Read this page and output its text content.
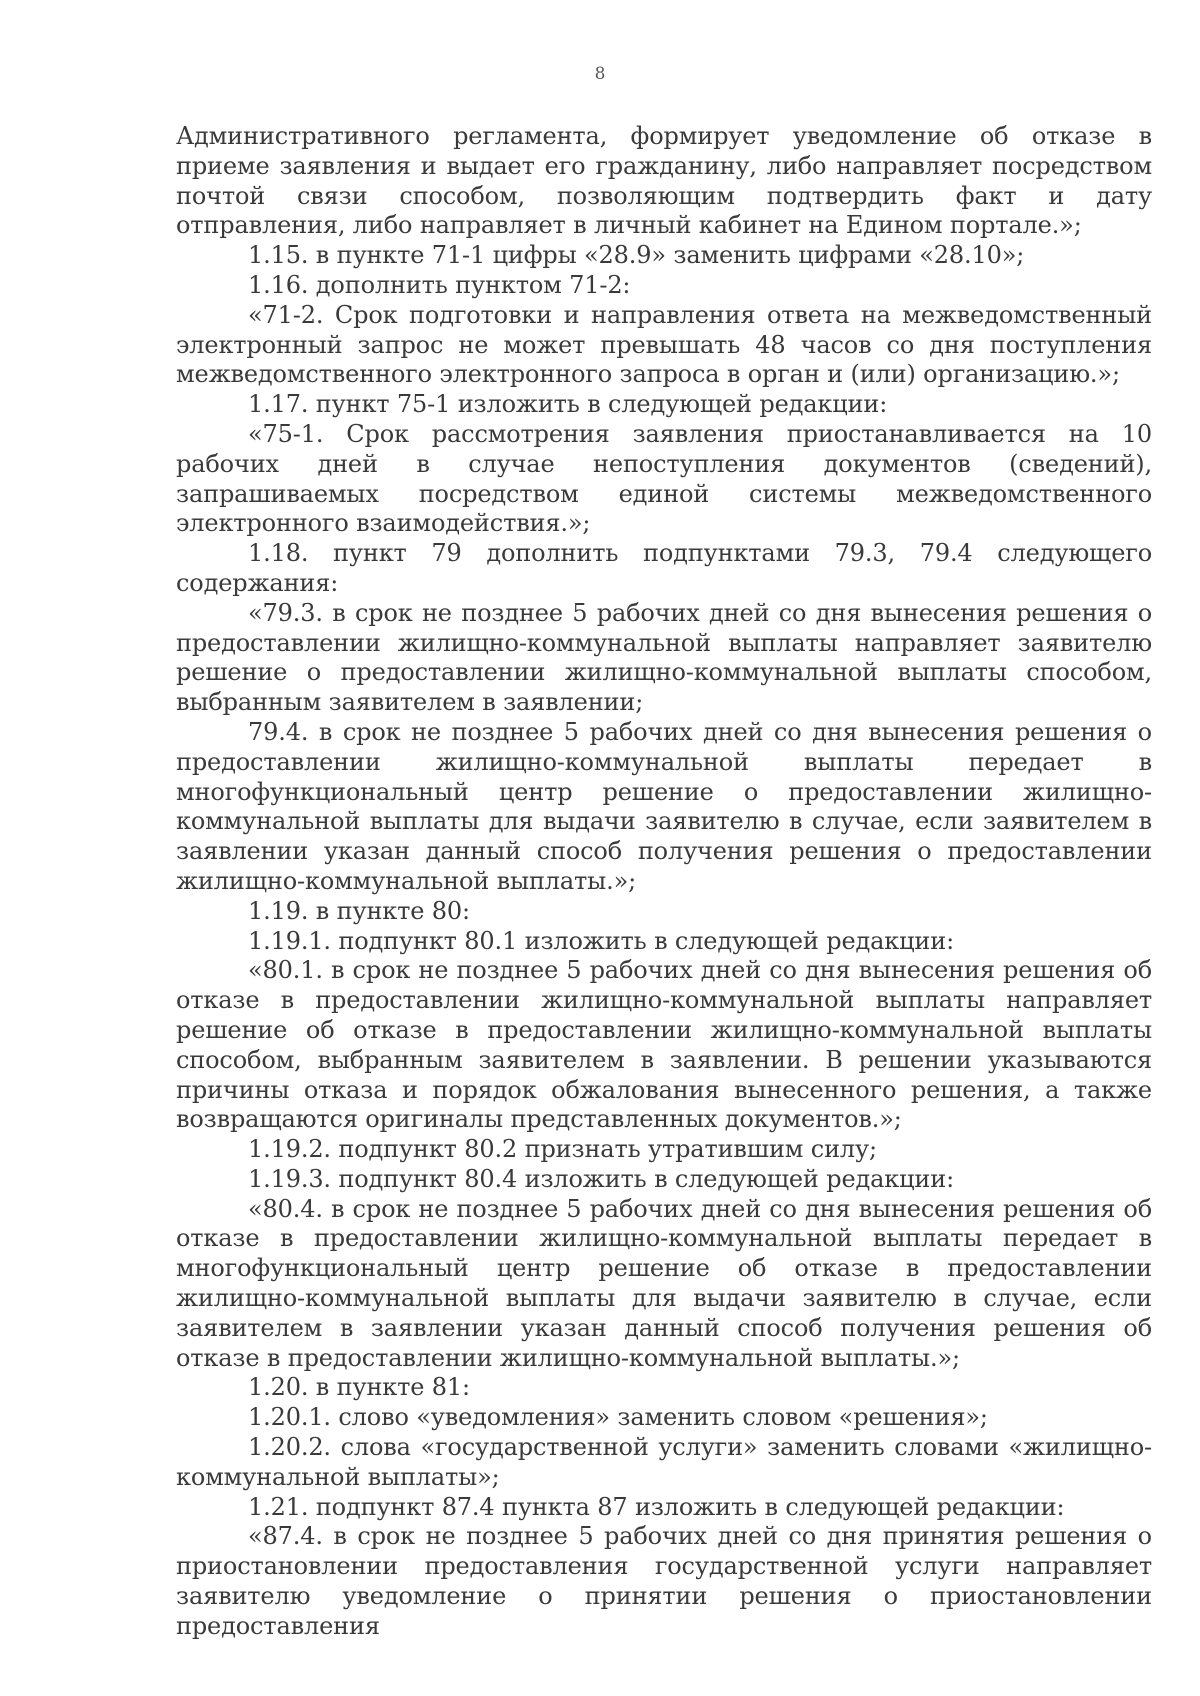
8

Административного регламента, формирует уведомление об отказе в приеме заявления и выдает его гражданину, либо направляет посредством почтой связи способом, позволяющим подтвердить факт и дату отправления, либо направляет в личный кабинет на Едином портале.»;

1.15. в пункте 71-1 цифры «28.9» заменить цифрами «28.10»;

1.16. дополнить пунктом 71-2:

«71-2. Срок подготовки и направления ответа на межведомственный электронный запрос не может превышать 48 часов со дня поступления межведомственного электронного запроса в орган и (или) организацию.»;

1.17. пункт 75-1 изложить в следующей редакции:

«75-1. Срок рассмотрения заявления приостанавливается на 10 рабочих дней в случае непоступления документов (сведений), запрашиваемых посредством единой системы межведомственного электронного взаимодействия.»;

1.18. пункт 79 дополнить подпунктами 79.3, 79.4 следующего содержания:

«79.3. в срок не позднее 5 рабочих дней со дня вынесения решения о предоставлении жилищно-коммунальной выплаты направляет заявителю решение о предоставлении жилищно-коммунальной выплаты способом, выбранным заявителем в заявлении;

79.4. в срок не позднее 5 рабочих дней со дня вынесения решения о предоставлении жилищно-коммунальной выплаты передает в многофункциональный центр решение о предоставлении жилищно-коммунальной выплаты для выдачи заявителю в случае, если заявителем в заявлении указан данный способ получения решения о предоставлении жилищно-коммунальной выплаты.»;

1.19. в пункте 80:

1.19.1. подпункт 80.1 изложить в следующей редакции:

«80.1. в срок не позднее 5 рабочих дней со дня вынесения решения об отказе в предоставлении жилищно-коммунальной выплаты направляет решение об отказе в предоставлении жилищно-коммунальной выплаты способом, выбранным заявителем в заявлении. В решении указываются причины отказа и порядок обжалования вынесенного решения, а также возвращаются оригиналы представленных документов.»;

1.19.2. подпункт 80.2 признать утратившим силу;

1.19.3. подпункт 80.4 изложить в следующей редакции:

«80.4. в срок не позднее 5 рабочих дней со дня вынесения решения об отказе в предоставлении жилищно-коммунальной выплаты передает в многофункциональный центр решение об отказе в предоставлении жилищно-коммунальной выплаты для выдачи заявителю в случае, если заявителем в заявлении указан данный способ получения решения об отказе в предоставлении жилищно-коммунальной выплаты.»;

1.20. в пункте 81:

1.20.1. слово «уведомления» заменить словом «решения»;

1.20.2. слова «государственной услуги» заменить словами «жилищно-коммунальной выплаты»;

1.21. подпункт 87.4 пункта 87 изложить в следующей редакции:

«87.4. в срок не позднее 5 рабочих дней со дня принятия решения о приостановлении предоставления государственной услуги направляет заявителю уведомление о принятии решения о приостановлении предоставления
